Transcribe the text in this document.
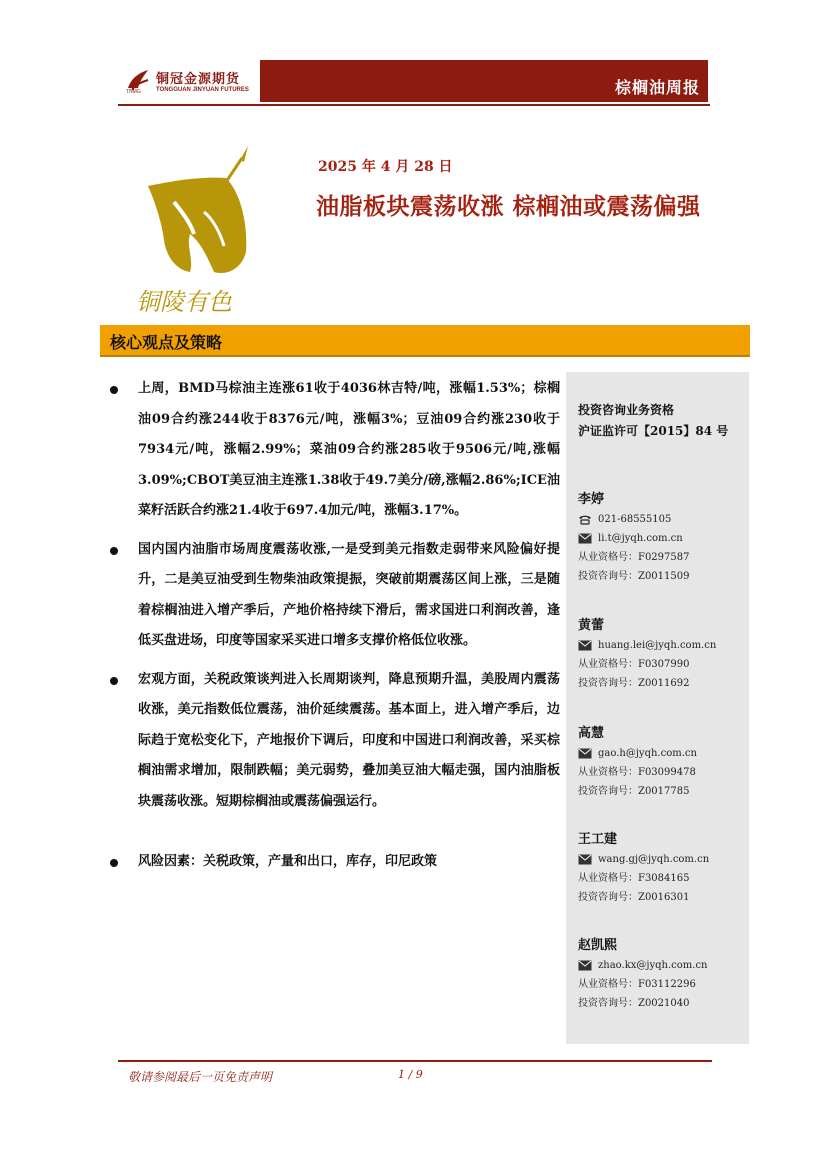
铜冠金源期货
TONGGUAN JINYUAN FUTURES
TNMG	棕榈油周报
铜陵有色
2025 年 4 月 28 日
油脂板块震荡收涨 棕榈油或震荡偏强
核心观点及策略
上周，BMD马棕油主连涨61收于4036林吉特/吨，涨幅1.53%；棕榈油09合约涨244收于8376元/吨，涨幅3%；豆油09合约涨230收于7934元/吨，涨幅2.99%；菜油09合约涨285收于9506元/吨,涨幅3.09%;CBOT美豆油主连涨1.38收于49.7美分/磅,涨幅2.86%;ICE油菜籽活跃合约涨21.4收于697.4加元/吨，涨幅3.17%。
国内国内油脂市场周度震荡收涨,一是受到美元指数走弱带来风险偏好提升，二是美豆油受到生物柴油政策提振，突破前期震荡区间上涨，三是随着棕榈油进入增产季后，产地价格持续下滑后，需求国进口利润改善，逢低买盘进场，印度等国家采买进口增多支撑价格低位收涨。
宏观方面，关税政策谈判进入长周期谈判，降息预期升温，美股周内震荡收涨，美元指数低位震荡，油价延续震荡。基本面上，进入增产季后，边际趋于宽松变化下，产地报价下调后，印度和中国进口利润改善，采买棕榈油需求增加，限制跌幅；美元弱势，叠加美豆油大幅走强，国内油脂板块震荡收涨。短期棕榈油或震荡偏强运行。
风险因素：关税政策，产量和出口，库存，印尼政策
投资咨询业务资格
沪证监许可【2015】84 号
李婷
021-68555105
li.t@jyqh.com.cn
从业资格号：F0297587
投资咨询号：Z0011509
黄蕾
huang.lei@jyqh.com.cn
从业资格号：F0307990
投资咨询号：Z0011692
高慧
gao.h@jyqh.com.cn
从业资格号：F03099478
投资咨询号：Z0017785
王工建
wang.gj@jyqh.com.cn
从业资格号：F3084165
投资咨询号：Z0016301
赵凯熙
zhao.kx@jyqh.com.cn
从业资格号：F03112296
投资咨询号：Z0021040
敬请参阅最后一页免责声明	1 / 9
